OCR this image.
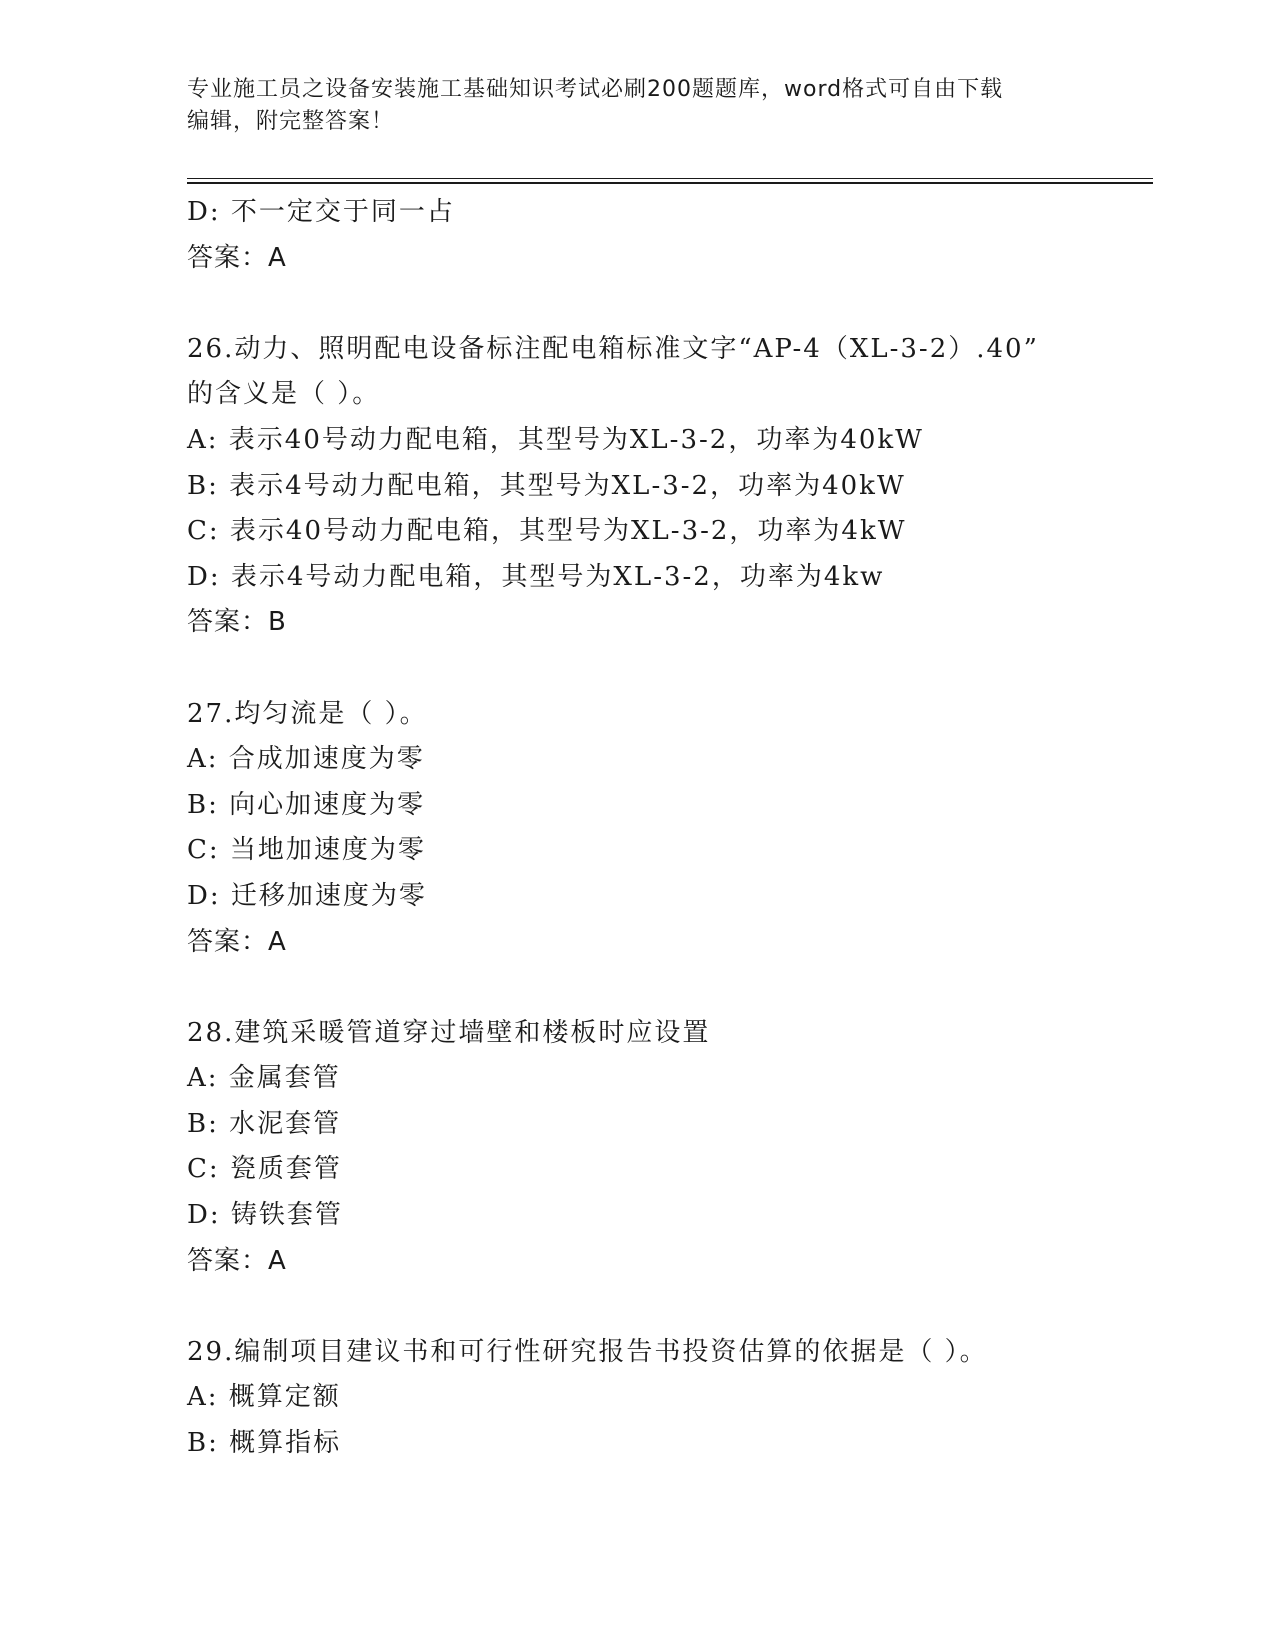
专业施工员之设备安装施工基础知识考试必刷200题题库，word格式可自由下载
编辑，附完整答案！
D: 不一定交于同一占
答案：A
26.动力、照明配电设备标注配电箱标准文字“AP-4（XL-3-2）.40”
的含义是（ ）。
A: 表示40号动力配电箱，其型号为XL-3-2，功率为40kW
B: 表示4号动力配电箱，其型号为XL-3-2，功率为40kW
C: 表示40号动力配电箱，其型号为XL-3-2，功率为4kW
D: 表示4号动力配电箱，其型号为XL-3-2，功率为4kw
答案：B
27.均匀流是（ ）。
A: 合成加速度为零
B: 向心加速度为零
C: 当地加速度为零
D: 迁移加速度为零
答案：A
28.建筑采暖管道穿过墙壁和楼板时应设置
A: 金属套管
B: 水泥套管
C: 瓷质套管
D: 铸铁套管
答案：A
29.编制项目建议书和可行性研究报告书投资估算的依据是（ ）。
A: 概算定额
B: 概算指标
